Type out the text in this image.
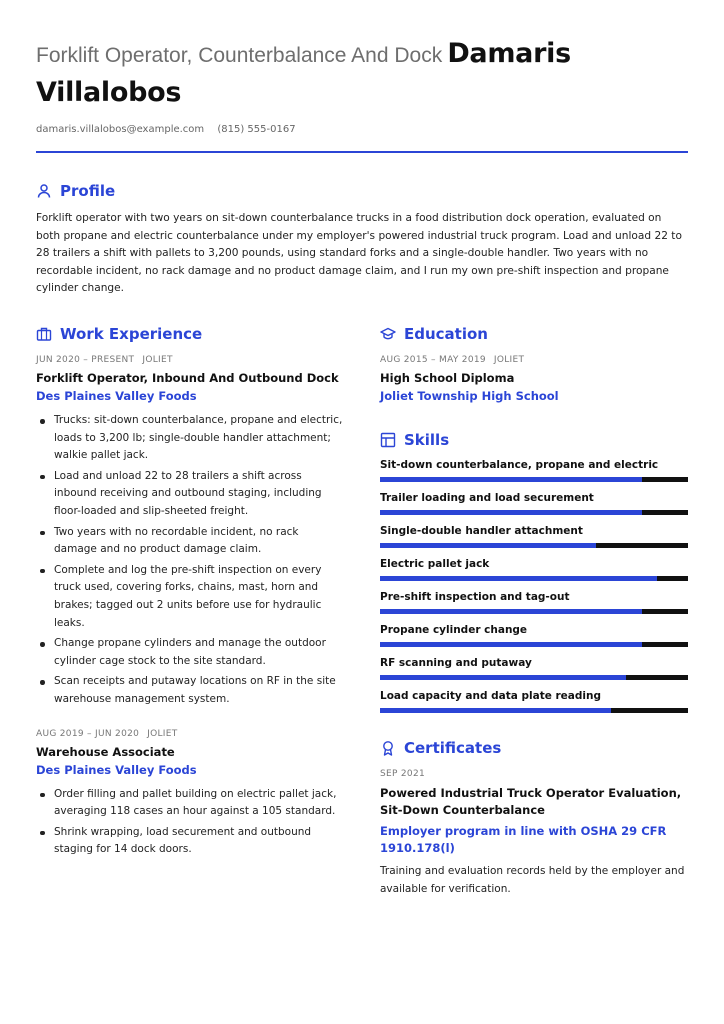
Forklift Operator, Counterbalance And Dock Damaris Villalobos
damaris.villalobos@example.com (815) 555-0167
Profile

Forklift operator with two years on sit-down counterbalance trucks in a food distribution dock operation, evaluated on both propane and electric counterbalance under my employer's powered industrial truck program. Load and unload 22 to 28 trailers a shift with pallets to 3,200 pounds, using standard forks and a single-double handler. Two years with no recordable incident, no rack damage and no product damage claim, and I run my own pre-shift inspection and propane cylinder change.

Work Experience
JUN 2020 – PRESENT JOLIET
Forklift Operator, Inbound And Outbound Dock
Des Plaines Valley Foods
Trucks: sit-down counterbalance, propane and electric, loads to 3,200 lb; single-double handler attachment; walkie pallet jack.
Load and unload 22 to 28 trailers a shift across inbound receiving and outbound staging, including floor-loaded and slip-sheeted freight.
Two years with no recordable incident, no rack damage and no product damage claim.
Complete and log the pre-shift inspection on every truck used, covering forks, chains, mast, horn and brakes; tagged out 2 units before use for hydraulic leaks.
Change propane cylinders and manage the outdoor cylinder cage stock to the site standard.
Scan receipts and putaway locations on RF in the site warehouse management system.
AUG 2019 – JUN 2020 JOLIET
Warehouse Associate
Des Plaines Valley Foods
Order filling and pallet building on electric pallet jack, averaging 118 cases an hour against a 105 standard.
Shrink wrapping, load securement and outbound staging for 14 dock doors.
Education
AUG 2015 – MAY 2019 JOLIET
High School Diploma
Joliet Township High School
Skills
Sit-down counterbalance, propane and electric
Trailer loading and load securement
Single-double handler attachment
Electric pallet jack
Pre-shift inspection and tag-out
Propane cylinder change
RF scanning and putaway
Load capacity and data plate reading
Certificates
SEP 2021
Powered Industrial Truck Operator Evaluation, Sit-Down Counterbalance
Employer program in line with OSHA 29 CFR 1910.178(l)
Training and evaluation records held by the employer and available for verification.
